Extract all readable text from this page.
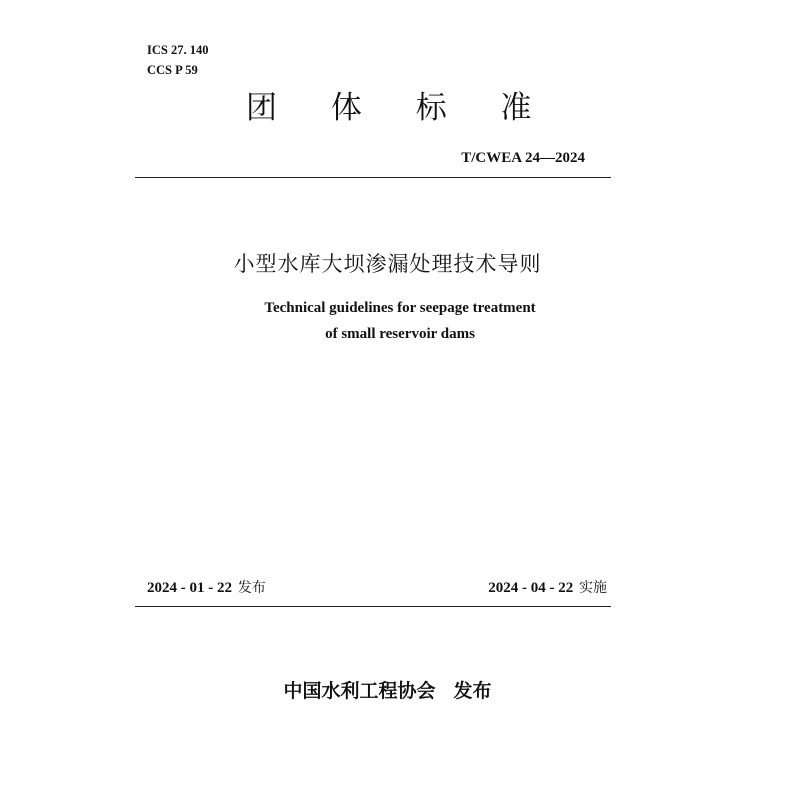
ICS 27. 140
CCS P 59
团 体 标 准
T/CWEA 24—2024
小型水库大坝渗漏处理技术导则
Technical guidelines for seepage treatment
of small reservoir dams
2024 - 01 - 22 发布	2024 - 04 - 22 实施
中国水利工程协会 发布
